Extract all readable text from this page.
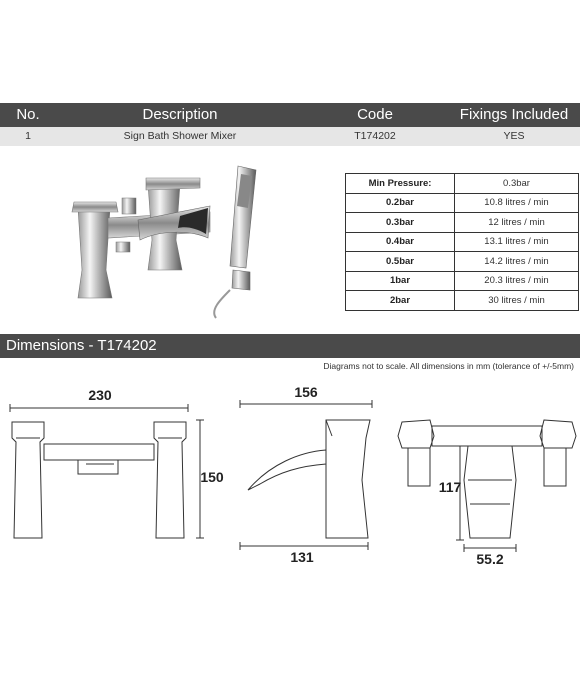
No.	Description	Code	Fixings Included
1	Sign Bath Shower Mixer	T174202	YES
Min Pressure:	0.3bar
0.2bar	10.8 litres / min
0.3bar	12 litres / min
0.4bar	13.1 litres / min
0.5bar	14.2 litres / min
1bar	20.3 litres / min
2bar	30 litres / min
Dimensions - T174202
Diagrams not to scale. All dimensions in mm (tolerance of +/-5mm)
230
150
156
131
117
55.2
